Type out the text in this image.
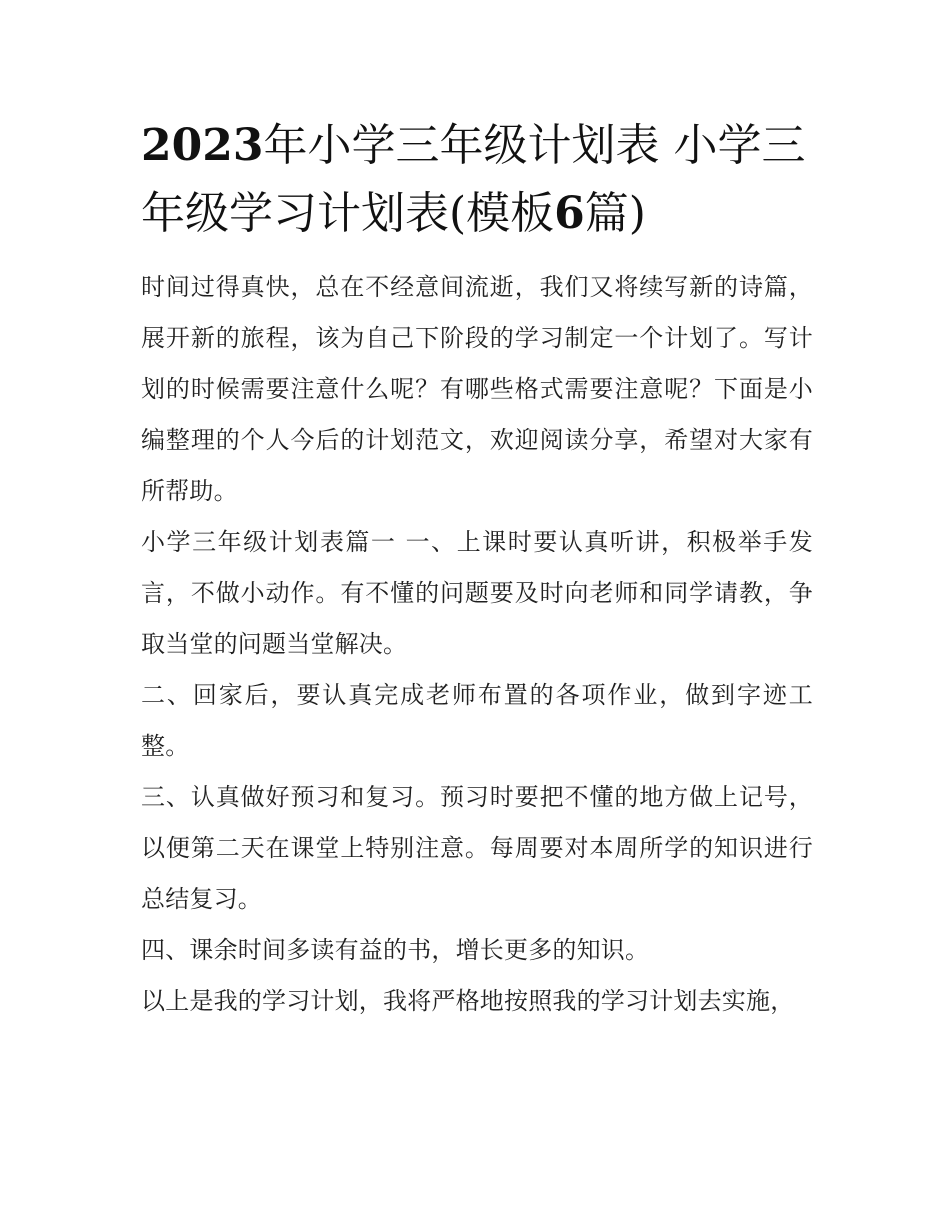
2023年小学三年级计划表 小学三年级学习计划表(模板6篇)

时间过得真快，总在不经意间流逝，我们又将续写新的诗篇，展开新的旅程，该为自己下阶段的学习制定一个计划了。写计划的时候需要注意什么呢？有哪些格式需要注意呢？下面是小编整理的个人今后的计划范文，欢迎阅读分享，希望对大家有所帮助。

小学三年级计划表篇一 一、上课时要认真听讲，积极举手发言，不做小动作。有不懂的问题要及时向老师和同学请教，争取当堂的问题当堂解决。

二、回家后，要认真完成老师布置的各项作业，做到字迹工整。

三、认真做好预习和复习。预习时要把不懂的地方做上记号，以便第二天在课堂上特别注意。每周要对本周所学的知识进行总结复习。

四、课余时间多读有益的书，增长更多的知识。

以上是我的学习计划，我将严格地按照我的学习计划去实施，
